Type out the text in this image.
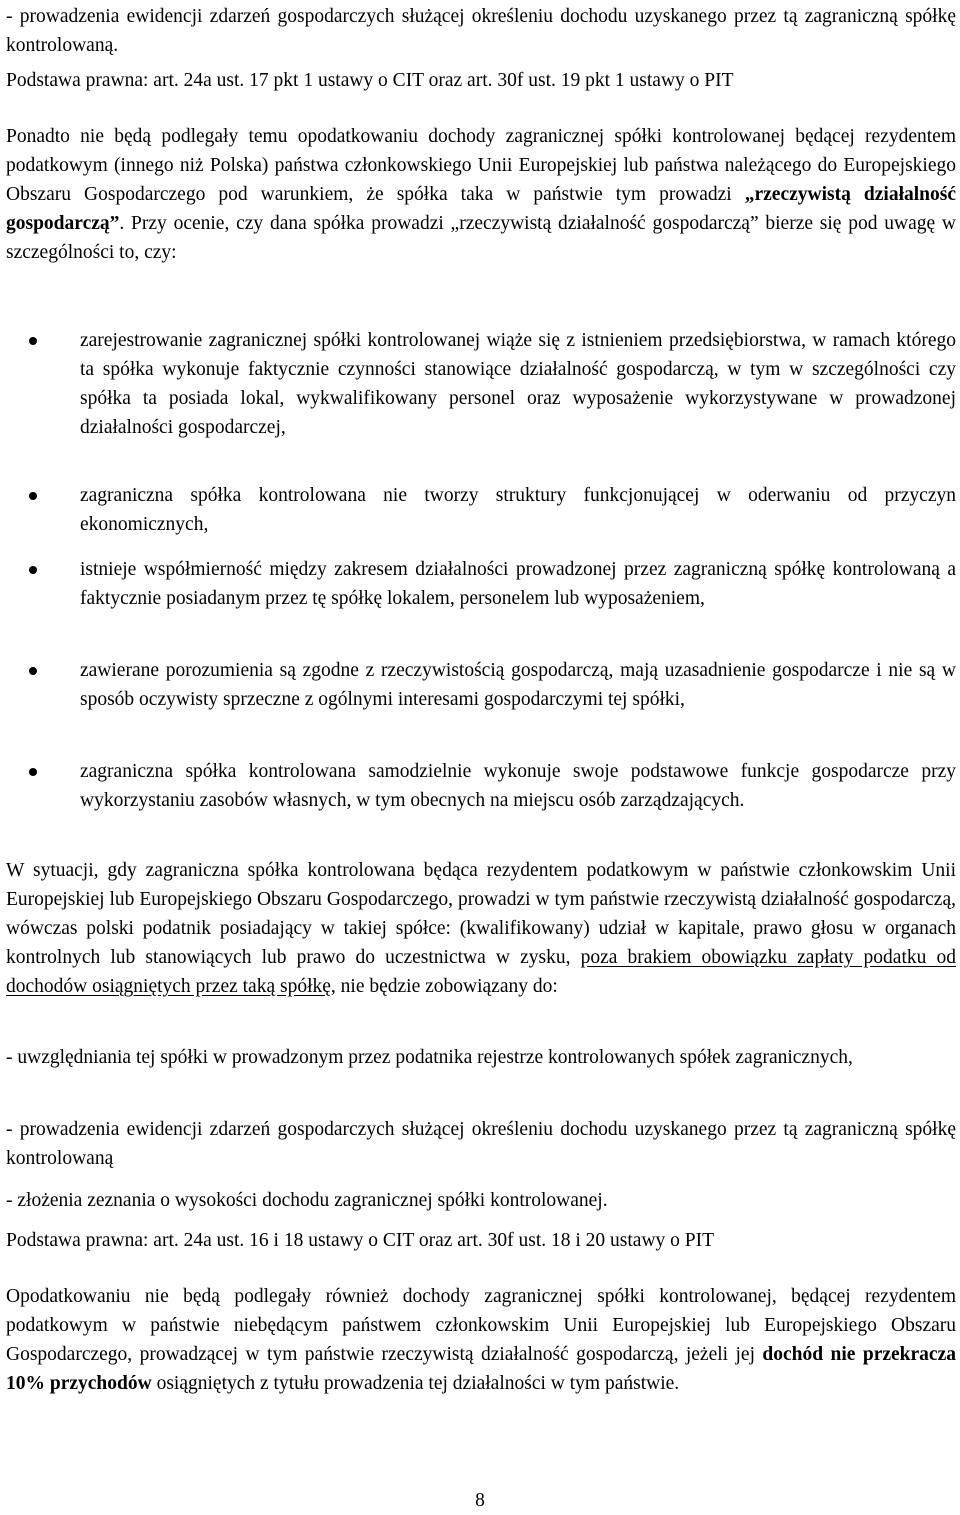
- prowadzenia ewidencji zdarzeń gospodarczych służącej określeniu dochodu uzyskanego przez tą zagraniczną spółkę kontrolowaną.

Podstawa prawna: art. 24a ust. 17 pkt 1 ustawy o CIT oraz art. 30f ust. 19 pkt 1 ustawy o PIT

Ponadto nie będą podlegały temu opodatkowaniu dochody zagranicznej spółki kontrolowanej będącej rezydentem podatkowym (innego niż Polska) państwa członkowskiego Unii Europejskiej lub państwa należącego do Europejskiego Obszaru Gospodarczego pod warunkiem, że spółka taka w państwie tym prowadzi „rzeczywistą działalność gospodarczą”. Przy ocenie, czy dana spółka prowadzi „rzeczywistą działalność gospodarczą” bierze się pod uwagę w szczególności to, czy:

zarejestrowanie zagranicznej spółki kontrolowanej wiąże się z istnieniem przedsiębiorstwa, w ramach którego ta spółka wykonuje faktycznie czynności stanowiące działalność gospodarczą, w tym w szczególności czy spółka ta posiada lokal, wykwalifikowany personel oraz wyposażenie wykorzystywane w prowadzonej działalności gospodarczej,

zagraniczna spółka kontrolowana nie tworzy struktury funkcjonującej w oderwaniu od przyczyn ekonomicznych,

istnieje współmierność między zakresem działalności prowadzonej przez zagraniczną spółkę kontrolowaną a faktycznie posiadanym przez tę spółkę lokalem, personelem lub wyposażeniem,

zawierane porozumienia są zgodne z rzeczywistością gospodarczą, mają uzasadnienie gospodarcze i nie są w sposób oczywisty sprzeczne z ogólnymi interesami gospodarczymi tej spółki,

zagraniczna spółka kontrolowana samodzielnie wykonuje swoje podstawowe funkcje gospodarcze przy wykorzystaniu zasobów własnych, w tym obecnych na miejscu osób zarządzających.

W sytuacji, gdy zagraniczna spółka kontrolowana będąca rezydentem podatkowym w państwie członkowskim Unii Europejskiej lub Europejskiego Obszaru Gospodarczego, prowadzi w tym państwie rzeczywistą działalność gospodarczą, wówczas polski podatnik posiadający w takiej spółce: (kwalifikowany) udział w kapitale, prawo głosu w organach kontrolnych lub stanowiących lub prawo do uczestnictwa w zysku, poza brakiem obowiązku zapłaty podatku od dochodów osiągniętych przez taką spółkę, nie będzie zobowiązany do:

- uwzględniania tej spółki w prowadzonym przez podatnika rejestrze kontrolowanych spółek zagranicznych,

- prowadzenia ewidencji zdarzeń gospodarczych służącej określeniu dochodu uzyskanego przez tą zagraniczną spółkę kontrolowaną

- złożenia zeznania o wysokości dochodu zagranicznej spółki kontrolowanej.

Podstawa prawna: art. 24a ust. 16 i 18 ustawy o CIT oraz art. 30f ust. 18 i 20 ustawy o PIT

Opodatkowaniu nie będą podlegały również dochody zagranicznej spółki kontrolowanej, będącej rezydentem podatkowym w państwie niebędącym państwem członkowskim Unii Europejskiej lub Europejskiego Obszaru Gospodarczego, prowadzącej w tym państwie rzeczywistą działalność gospodarczą, jeżeli jej dochód nie przekracza 10% przychodów osiągniętych z tytułu prowadzenia tej działalności w tym państwie.

8
